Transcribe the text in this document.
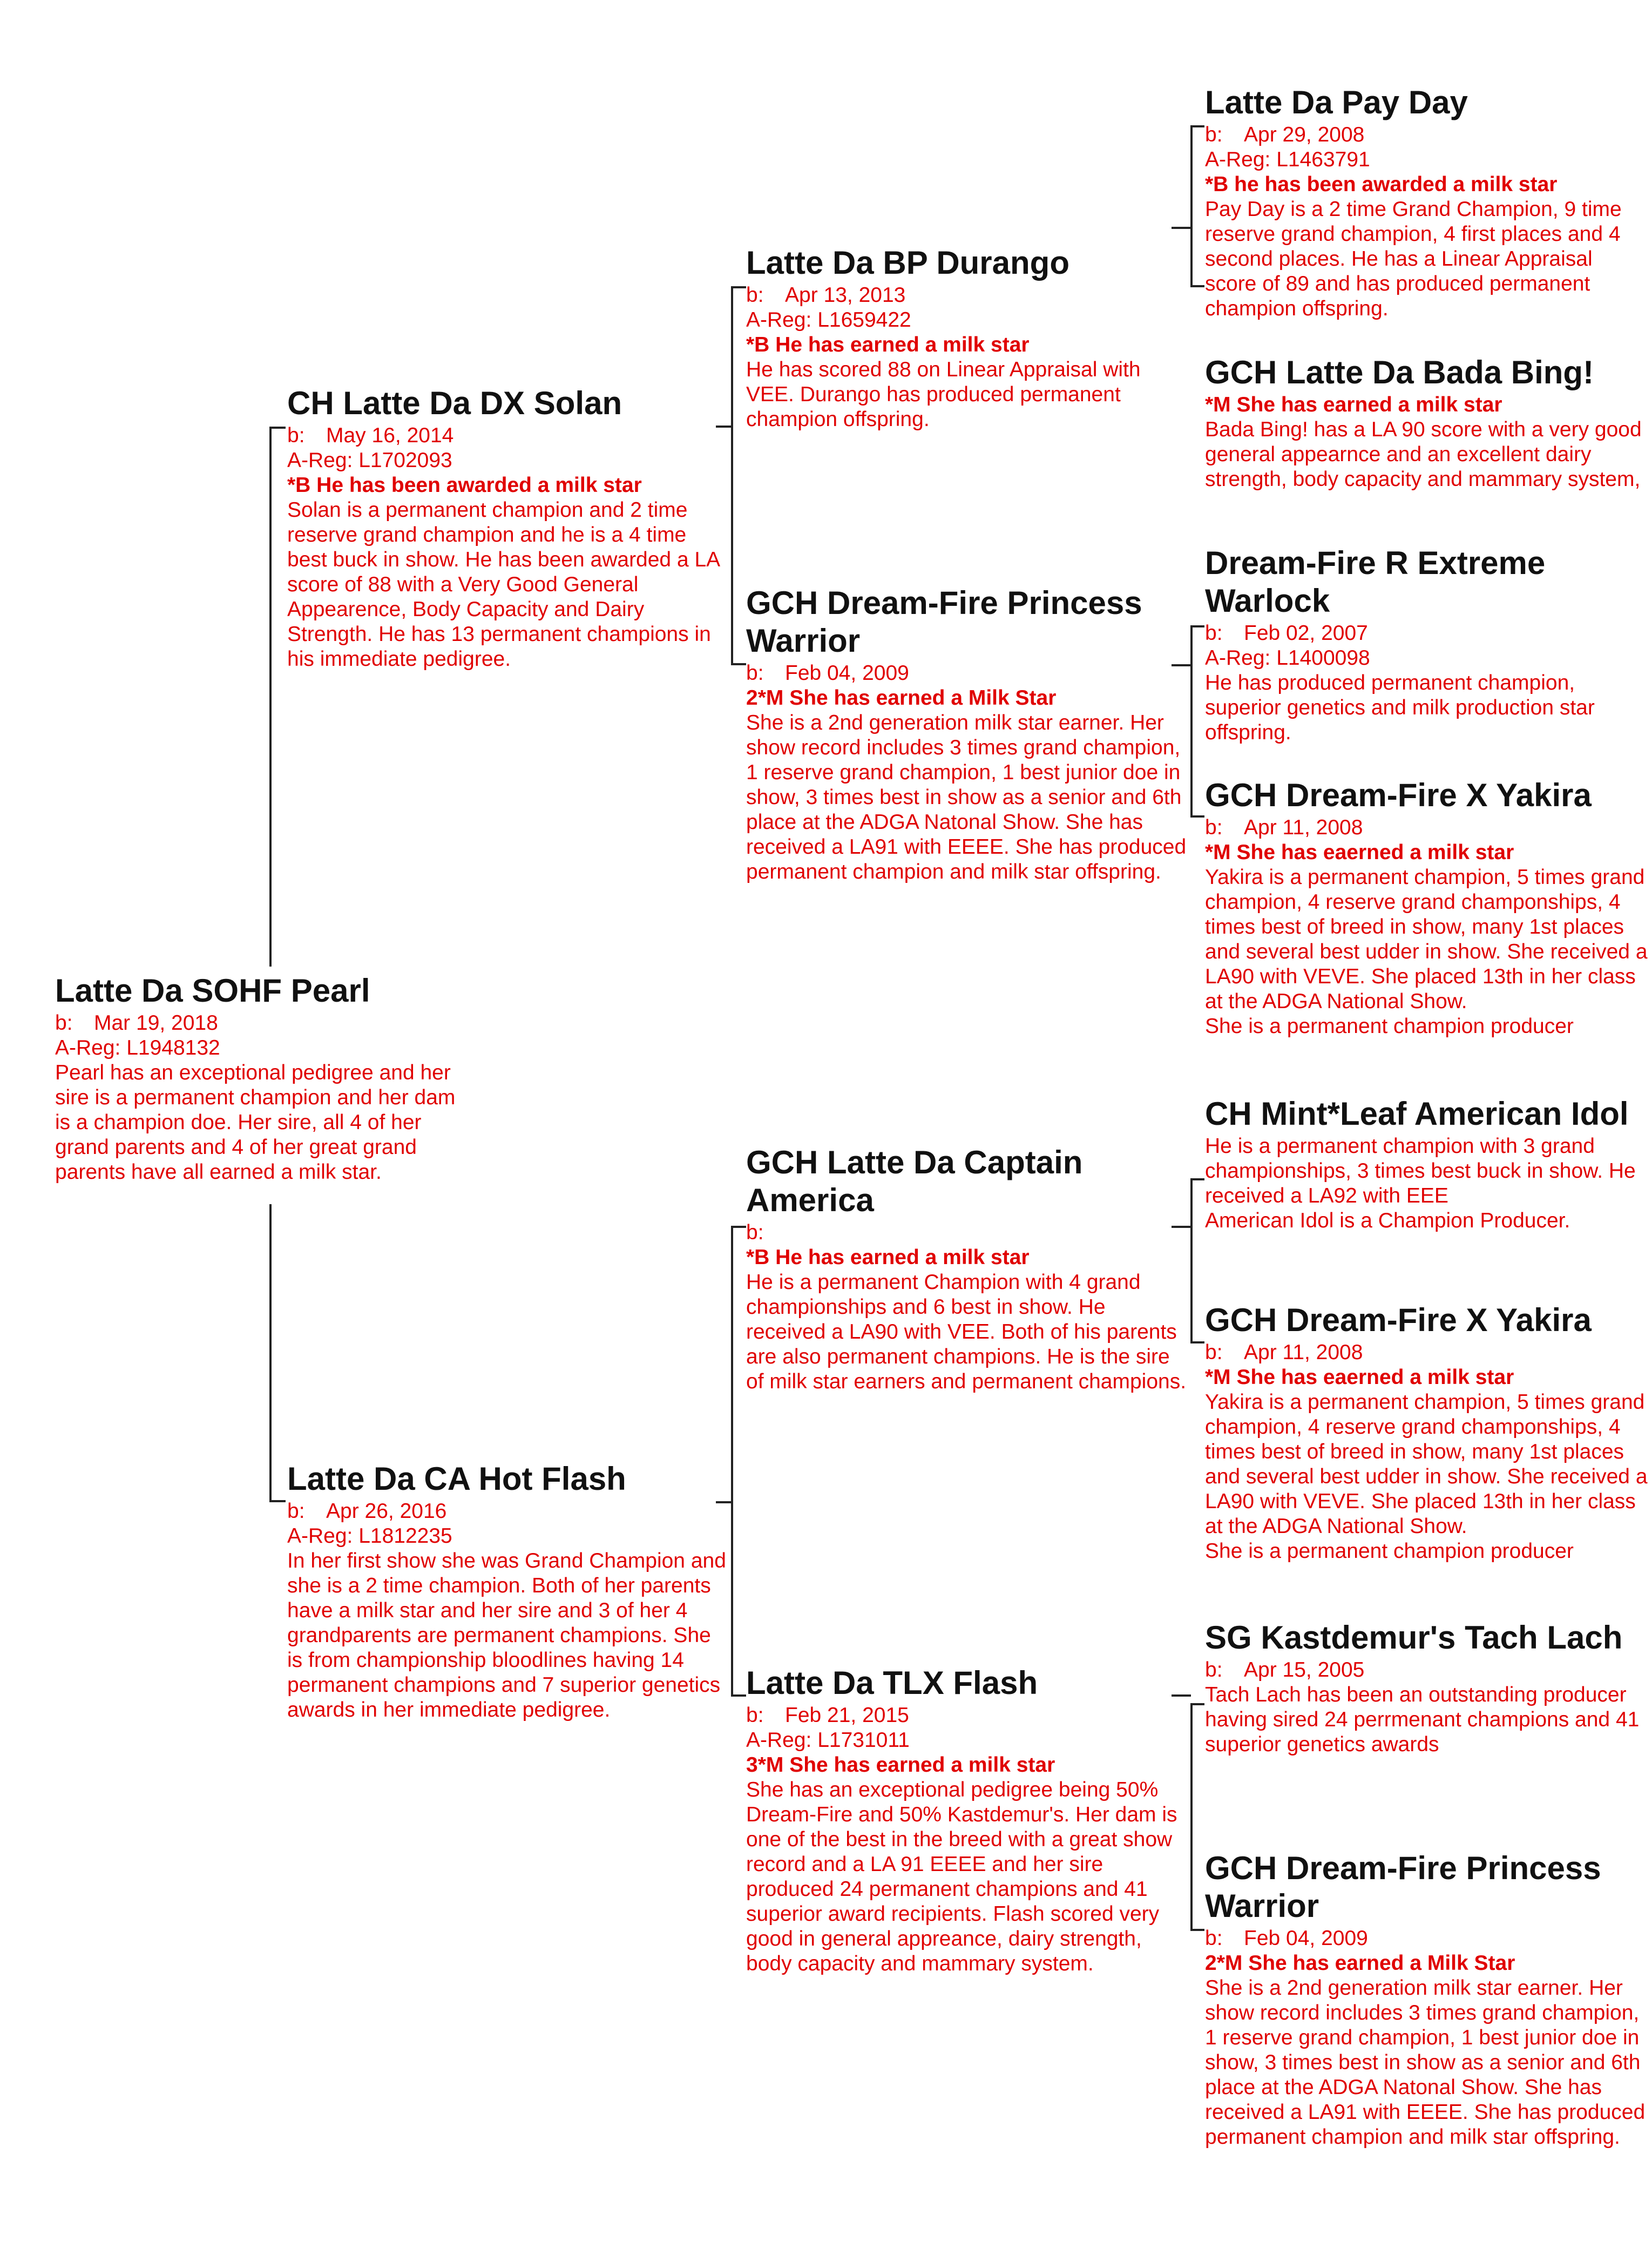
Latte Da SOHF Pearl
b: Mar 19, 2018
A-Reg: L1948132
Pearl has an exceptional pedigree and her sire is a permanent champion and her dam is a champion doe. Her sire, all 4 of her grand parents and 4 of her great grand parents have all earned a milk star.
CH Latte Da DX Solan
b: May 16, 2014
A-Reg: L1702093
*B He has been awarded a milk star
Solan is a permanent champion and 2 time reserve grand champion and he is a 4 time best buck in show. He has been awarded a LA score of 88 with a Very Good General Appearence, Body Capacity and Dairy Strength. He has 13 permanent champions in his immediate pedigree.
Latte Da CA Hot Flash
b: Apr 26, 2016
A-Reg: L1812235
In her first show she was Grand Champion and she is a 2 time champion. Both of her parents have a milk star and her sire and 3 of her 4 grandparents are permanent champions. She is from championship bloodlines having 14 permanent champions and 7 superior genetics awards in her immediate pedigree.
Latte Da BP Durango
b: Apr 13, 2013
A-Reg: L1659422
*B He has earned a milk star
He has scored 88 on Linear Appraisal with VEE. Durango has produced permanent champion offspring.
GCH Dream-Fire Princess Warrior
b: Feb 04, 2009
2*M She has earned a Milk Star
She is a 2nd generation milk star earner. Her show record includes 3 times grand champion, 1 reserve grand champion, 1 best junior doe in show, 3 times best in show as a senior and 6th place at the ADGA Natonal Show. She has received a LA91 with EEEE. She has produced permanent champion and milk star offspring.
GCH Latte Da Captain America
b:
*B He has earned a milk star
He is a permanent Champion with 4 grand championships and 6 best in show. He received a LA90 with VEE. Both of his parents are also permanent champions. He is the sire of milk star earners and permanent champions.
Latte Da TLX Flash
b: Feb 21, 2015
A-Reg: L1731011
3*M She has earned a milk star
She has an exceptional pedigree being 50% Dream-Fire and 50% Kastdemur's. Her dam is one of the best in the breed with a great show record and a LA 91 EEEE and her sire produced 24 permanent champions and 41 superior award recipients. Flash scored very good in general appreance, dairy strength, body capacity and mammary system.
Latte Da Pay Day
b: Apr 29, 2008
A-Reg: L1463791
*B he has been awarded a milk star
Pay Day is a 2 time Grand Champion, 9 time reserve grand champion, 4 first places and 4 second places. He has a Linear Appraisal score of 89 and has produced permanent champion offspring.
GCH Latte Da Bada Bing!
*M She has earned a milk star
Bada Bing! has a LA 90 score with a very good general appearnce and an excellent dairy strength, body capacity and mammary system,
Dream-Fire R Extreme Warlock
b: Feb 02, 2007
A-Reg: L1400098
He has produced permanent champion, superior genetics and milk production star offspring.
GCH Dream-Fire X Yakira
b: Apr 11, 2008
*M She has eaerned a milk star
Yakira is a permanent champion, 5 times grand champion, 4 reserve grand champonships, 4 times best of breed in show, many 1st places and several best udder in show. She received a LA90 with VEVE. She placed 13th in her class at the ADGA National Show.
She is a permanent champion producer
CH Mint*Leaf American Idol
He is a permanent champion with 3 grand championships, 3 times best buck in show. He received a LA92 with EEE
American Idol is a Champion Producer.
GCH Dream-Fire X Yakira
b: Apr 11, 2008
*M She has eaerned a milk star
Yakira is a permanent champion, 5 times grand champion, 4 reserve grand champonships, 4 times best of breed in show, many 1st places and several best udder in show. She received a LA90 with VEVE. She placed 13th in her class at the ADGA National Show.
She is a permanent champion producer
SG Kastdemur's Tach Lach
b: Apr 15, 2005
Tach Lach has been an outstanding producer having sired 24 perrmenant champions and 41 superior genetics awards
GCH Dream-Fire Princess Warrior
b: Feb 04, 2009
2*M She has earned a Milk Star
She is a 2nd generation milk star earner. Her show record includes 3 times grand champion, 1 reserve grand champion, 1 best junior doe in show, 3 times best in show as a senior and 6th place at the ADGA Natonal Show. She has received a LA91 with EEEE. She has produced permanent champion and milk star offspring.
